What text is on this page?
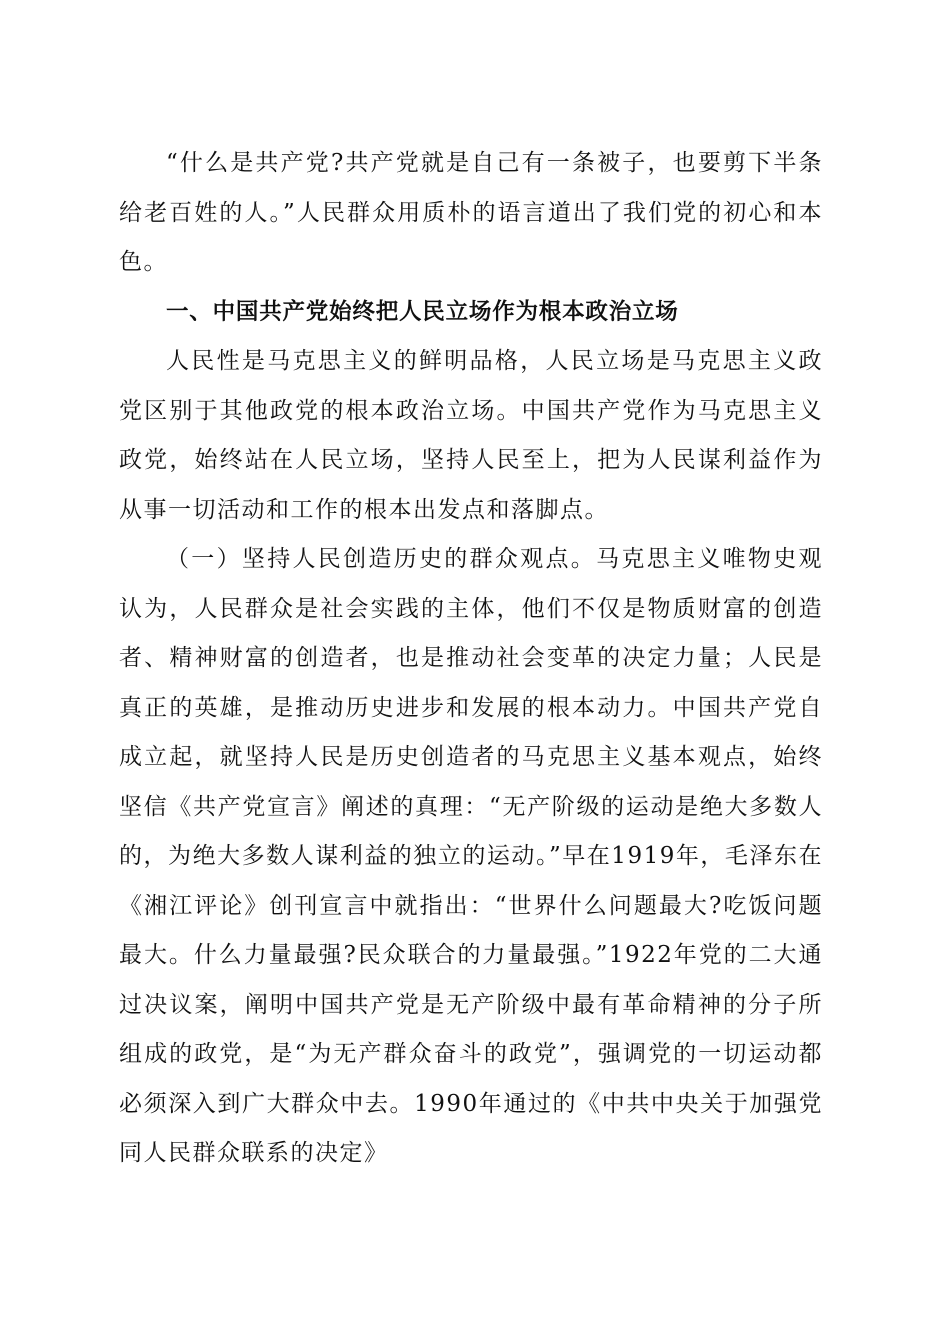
“什么是共产党?共产党就是自己有一条被子，也要剪下半条给老百姓的人。”人民群众用质朴的语言道出了我们党的初心和本色。

一、中国共产党始终把人民立场作为根本政治立场

人民性是马克思主义的鲜明品格，人民立场是马克思主义政党区别于其他政党的根本政治立场。中国共产党作为马克思主义政党，始终站在人民立场，坚持人民至上，把为人民谋利益作为从事一切活动和工作的根本出发点和落脚点。

（一）坚持人民创造历史的群众观点。马克思主义唯物史观认为，人民群众是社会实践的主体，他们不仅是物质财富的创造者、精神财富的创造者，也是推动社会变革的决定力量；人民是真正的英雄，是推动历史进步和发展的根本动力。中国共产党自成立起，就坚持人民是历史创造者的马克思主义基本观点，始终坚信《共产党宣言》阐述的真理：“无产阶级的运动是绝大多数人的，为绝大多数人谋利益的独立的运动。”早在1919年，毛泽东在《湘江评论》创刊宣言中就指出：“世界什么问题最大?吃饭问题最大。什么力量最强?民众联合的力量最强。”1922年党的二大通过决议案，阐明中国共产党是无产阶级中最有革命精神的分子所组成的政党，是“为无产群众奋斗的政党”，强调党的一切运动都必须深入到广大群众中去。1990年通过的《中共中央关于加强党同人民群众联系的决定》
